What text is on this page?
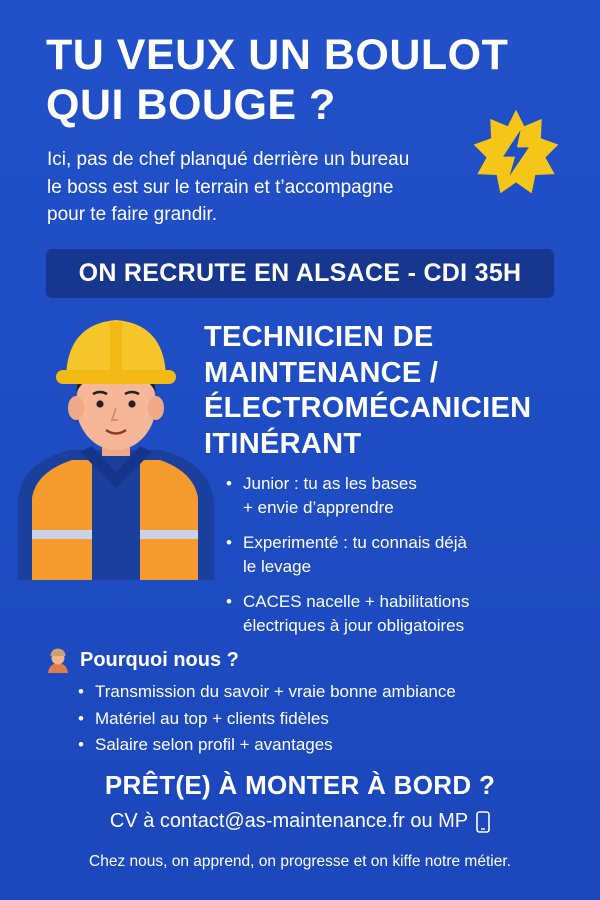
TU VEUX UN BOULOT
QUI BOUGE ?
Ici, pas de chef planqué derrière un bureau
le boss est sur le terrain et t’accompagne
pour te faire grandir.
ON RECRUTE EN ALSACE - CDI 35H
TECHNICIEN DE
MAINTENANCE /
ÉLECTROMÉCANICIEN
ITINÉRANT
• Junior : tu as les bases
+ envie d’apprendre
• Experimenté : tu connais déjà
le levage
• CACES nacelle + habilitations
électriques à jour obligatoires
Pourquoi nous ?
• Transmission du savoir + vraie bonne ambiance
• Matériel au top + clients fidèles
• Salaire selon profil + avantages
PRÊT(E) À MONTER À BORD ?
CV à contact@as-maintenance.fr ou MP
Chez nous, on apprend, on progresse et on kiffe notre métier.
